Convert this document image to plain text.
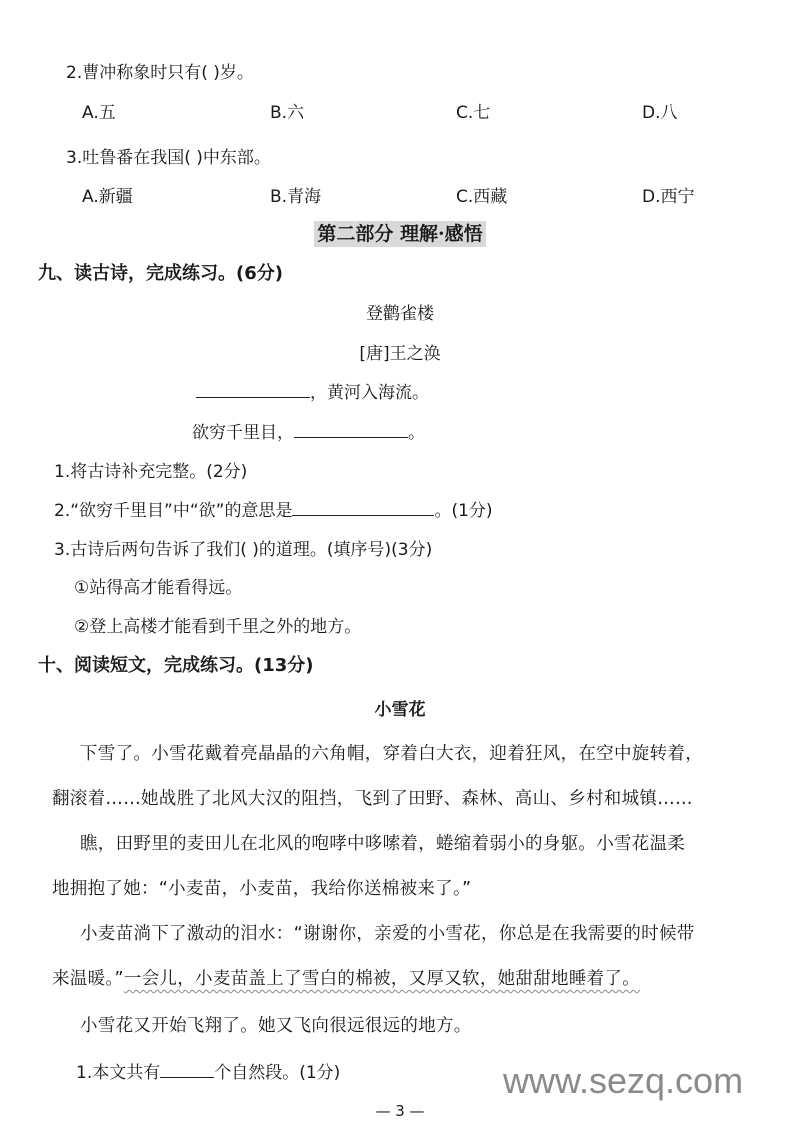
2.曹冲称象时只有( )岁。
A.五	B.六	C.七	D.八
3.吐鲁番在我国( )中东部。
A.新疆	B.青海	C.西藏	D.西宁
第二部分 理解·感悟
九、读古诗，完成练习。(6分)
登鹳雀楼
[唐]王之涣
，黄河入海流。
欲穷千里目，	。
1.将古诗补充完整。(2分)
2.“欲穷千里目”中“欲”的意思是	。(1分)
3.古诗后两句告诉了我们( )的道理。(填序号)(3分)
①站得高才能看得远。
②登上高楼才能看到千里之外的地方。
十、阅读短文，完成练习。(13分)
小雪花
下雪了。小雪花戴着亮晶晶的六角帽，穿着白大衣，迎着狂风，在空中旋转着，
翻滚着……她战胜了北风大汉的阻挡，飞到了田野、森林、高山、乡村和城镇……
瞧，田野里的麦田儿在北风的咆哮中哆嗦着，蜷缩着弱小的身躯。小雪花温柔
地拥抱了她：“小麦苗，小麦苗，我给你送棉被来了。”
小麦苗淌下了激动的泪水：“谢谢你，亲爱的小雪花，你总是在我需要的时候带
来温暖。”一会儿，小麦苗盖上了雪白的棉被，又厚又软，她甜甜地睡着了。
小雪花又开始飞翔了。她又飞向很远很远的地方。
1.本文共有	个自然段。(1分)	www.sezq.com
— 3 —
